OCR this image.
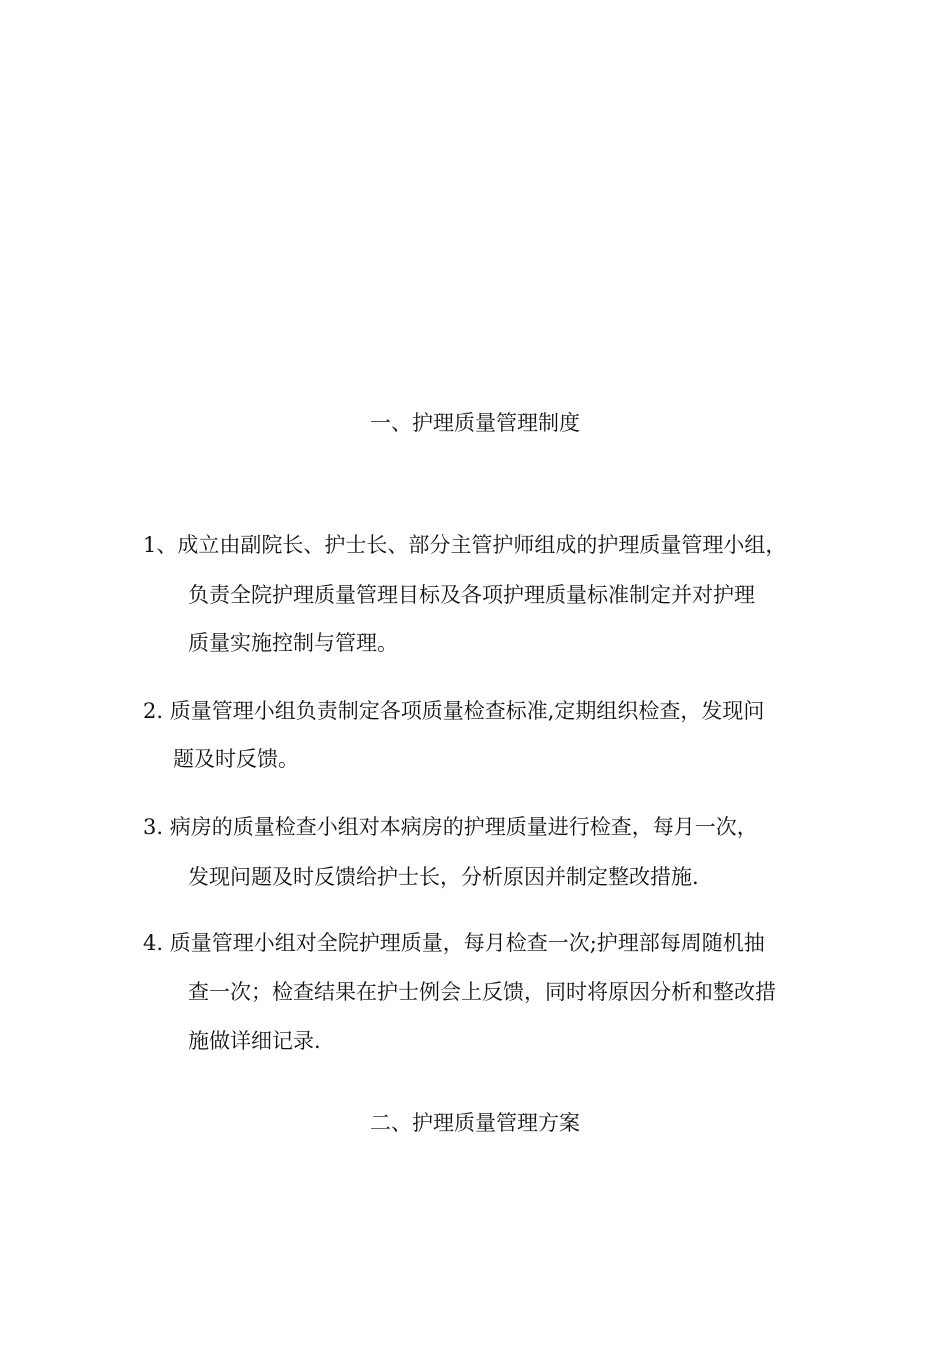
一、护理质量管理制度
1、成立由副院长、护士长、部分主管护师组成的护理质量管理小组，
负责全院护理质量管理目标及各项护理质量标准制定并对护理
质量实施控制与管理。
2. 质量管理小组负责制定各项质量检查标准,定期组织检查，发现问
题及时反馈。
3. 病房的质量检查小组对本病房的护理质量进行检查，每月一次，
发现问题及时反馈给护士长，分析原因并制定整改措施.
4. 质量管理小组对全院护理质量，每月检查一次;护理部每周随机抽
查一次；检查结果在护士例会上反馈，同时将原因分析和整改措
施做详细记录.
二、护理质量管理方案
